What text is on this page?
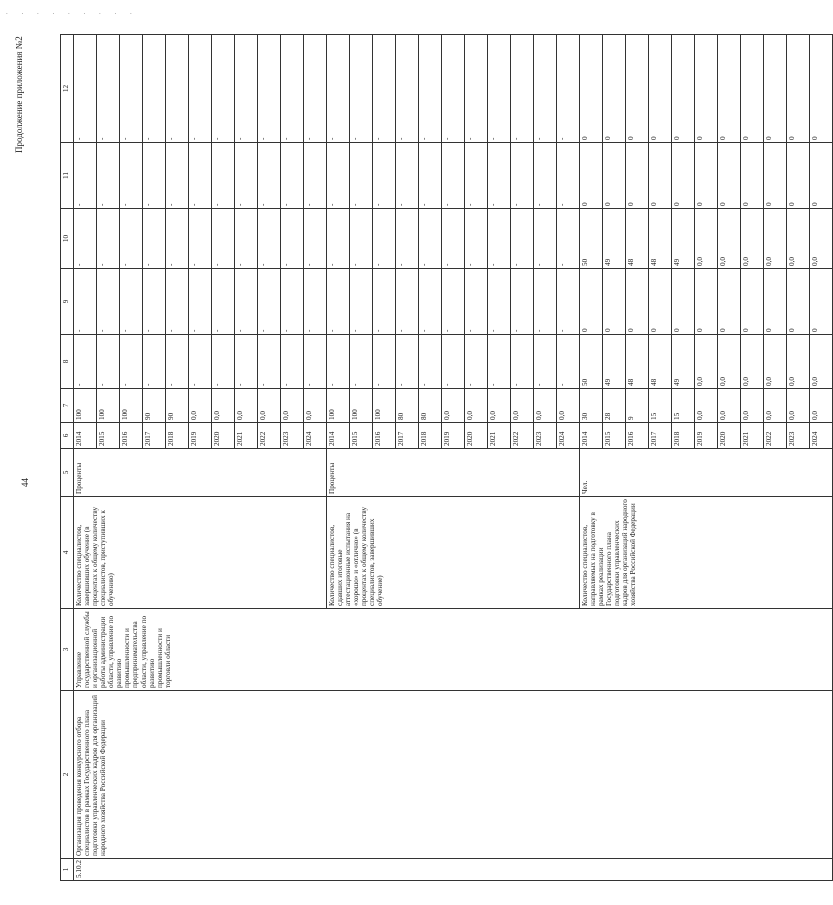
. . . . . . . . .
44
Продолжение приложения №2
1	2	3	4	5	6	7	8	9	10	11	12
5.10.2	Организация проведения конкурсного отбора специалистов в рамках Государственного плана подготовки управленческих кадров для организаций народного хозяйства Российской Федерации	Управление государственной службы и организационной работы администрации области, управление по развитию промышленности и предпринимательства области, управление по развитию промышленности и торговли области	Количество специалистов, завершивших обучение (в процентах к общему количеству специалистов, приступивших к обучению)	Проценты	2014	100	-	-	-	-	-
					2015	100	-	-	-	-	-
					2016	100	-	-	-	-	-
					2017	90	-	-	-	-	-
					2018	90	-	-	-	-	-
					2019	0,0	-	-	-	-	-
					2020	0,0	-	-	-	-	-
					2021	0,0	-	-	-	-	-
					2022	0,0	-	-	-	-	-
					2023	0,0	-	-	-	-	-
					2024	0,0	-	-	-	-	-
			Количество специалистов, сдавших итоговые аттестационные испытания на «хорошо» и «отлично» (в процентах к общему количеству специалистов, завершивших обучение)	Проценты	2014	100	-	-	-	-	-
					2015	100	-	-	-	-	-
					2016	100	-	-	-	-	-
					2017	80	-	-	-	-	-
					2018	80	-	-	-	-	-
					2019	0,0	-	-	-	-	-
					2020	0,0	-	-	-	-	-
					2021	0,0	-	-	-	-	-
					2022	0,0	-	-	-	-	-
					2023	0,0	-	-	-	-	-
					2024	0,0	-	-	-	-	-
			Количество специалистов, направляемых на подготовку в рамках реализации Государственного плана подготовки управленческих кадров для организаций народного хозяйства Российской Федерации	Чел.	2014	30	50	0	50	0	0
					2015	28	49	0	49	0	0
					2016	9	48	0	48	0	0
					2017	15	48	0	48	0	0
					2018	15	49	0	49	0	0
					2019	0,0	0,0	0	0,0	0	0
					2020	0,0	0,0	0	0,0	0	0
					2021	0,0	0,0	0	0,0	0	0
					2022	0,0	0,0	0	0,0	0	0
					2023	0,0	0,0	0	0,0	0	0
					2024	0,0	0,0	0	0,0	0	0
